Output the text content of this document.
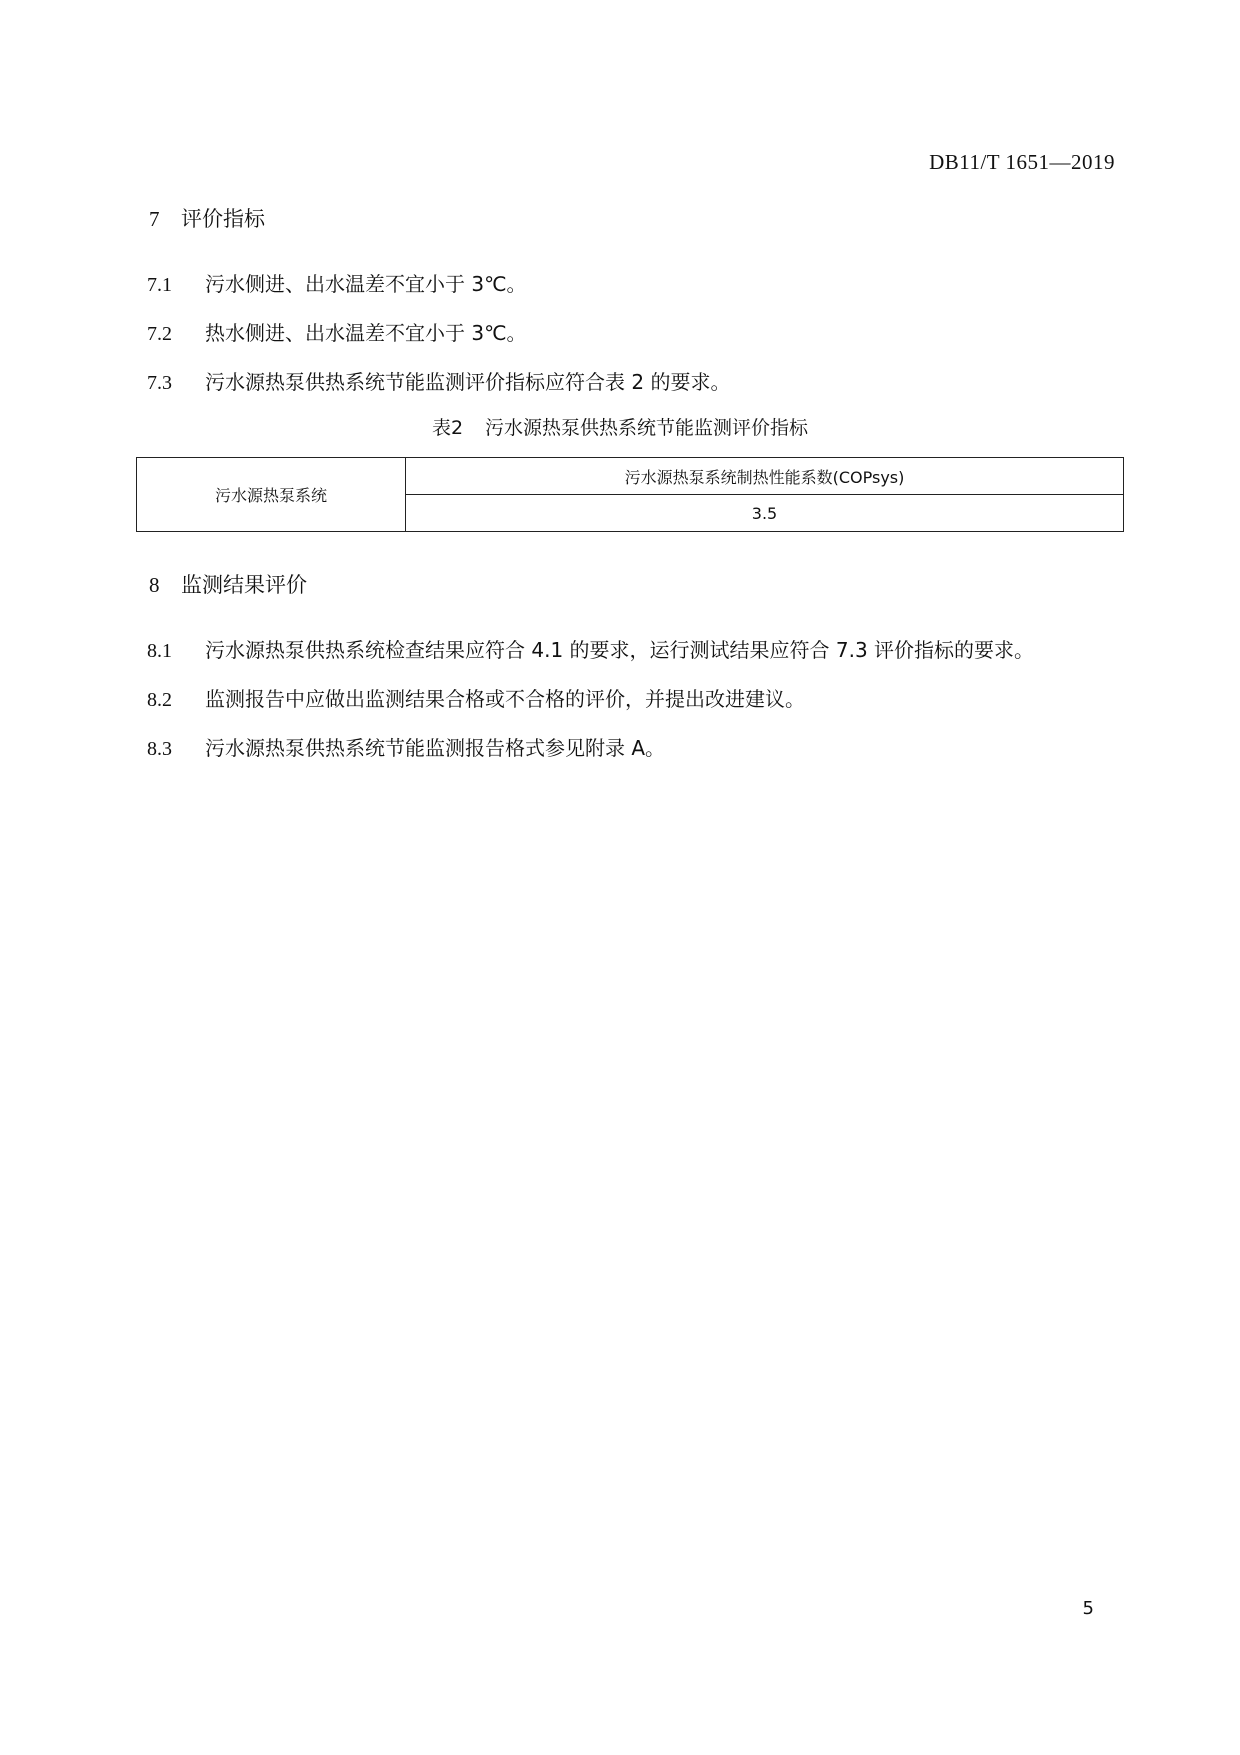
DB11/T 1651—2019
7 评价指标
7.1 污水侧进、出水温差不宜小于 3℃。
7.2 热水侧进、出水温差不宜小于 3℃。
7.3 污水源热泵供热系统节能监测评价指标应符合表 2 的要求。
表2 污水源热泵供热系统节能监测评价指标
污水源热泵系统	污水源热泵系统制热性能系数(COPsys)
3.5
8 监测结果评价
8.1 污水源热泵供热系统检查结果应符合 4.1 的要求，运行测试结果应符合 7.3 评价指标的要求。
8.2 监测报告中应做出监测结果合格或不合格的评价，并提出改进建议。
8.3 污水源热泵供热系统节能监测报告格式参见附录 A。
5
